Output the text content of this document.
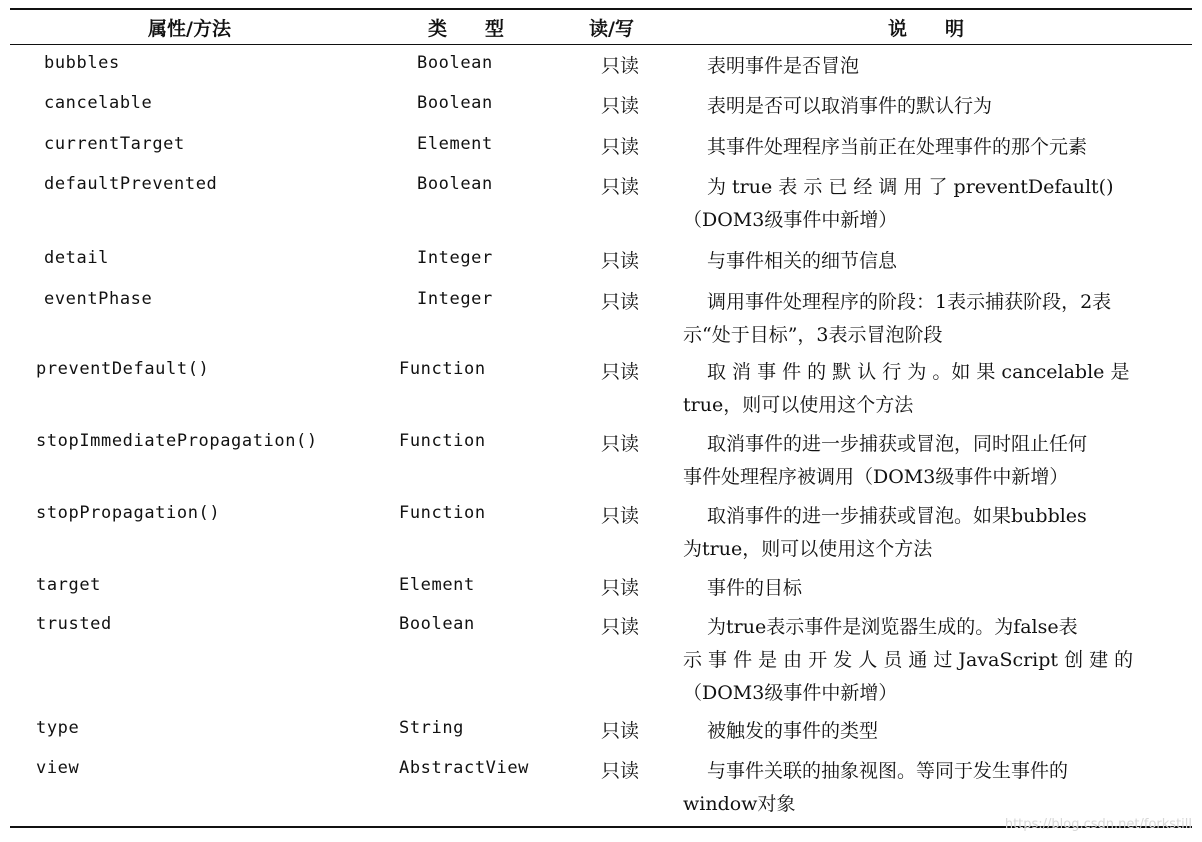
属性/方法	类　　型	读/写	说　　明
bubbles	Boolean	只读	表明事件是否冒泡
cancelable	Boolean	只读	表明是否可以取消事件的默认行为
currentTarget	Element	只读	其事件处理程序当前正在处理事件的那个元素
defaultPrevented	Boolean	只读	为 true 表 示 已 经 调 用 了 preventDefault()
（DOM3级事件中新增）
detail	Integer	只读	与事件相关的细节信息
eventPhase	Integer	只读	调用事件处理程序的阶段：1表示捕获阶段，2表
示“处于目标”，3表示冒泡阶段
preventDefault()	Function	只读	取 消 事 件 的 默 认 行 为 。如 果 cancelable 是
true，则可以使用这个方法
stopImmediatePropagation()	Function	只读	取消事件的进一步捕获或冒泡，同时阻止任何
事件处理程序被调用（DOM3级事件中新增）
stopPropagation()	Function	只读	取消事件的进一步捕获或冒泡。如果bubbles
为true，则可以使用这个方法
target	Element	只读	事件的目标
trusted	Boolean	只读	为true表示事件是浏览器生成的。为false表
示 事 件 是 由 开 发 人 员 通 过 JavaScript 创 建 的
（DOM3级事件中新增）
type	String	只读	被触发的事件的类型
view	AbstractView	只读	与事件关联的抽象视图。等同于发生事件的
window对象
https://blog.csdn.net/forkstill
